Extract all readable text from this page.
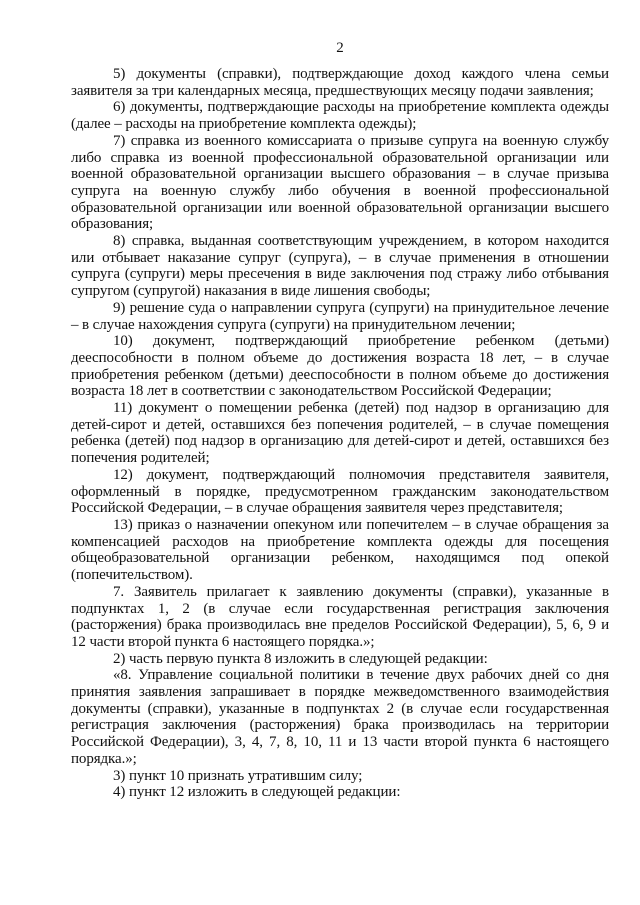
2

5) документы (справки), подтверждающие доход каждого члена семьи заявителя за три календарных месяца, предшествующих месяцу подачи заявления;

6) документы, подтверждающие расходы на приобретение комплекта одежды (далее – расходы на приобретение комплекта одежды);

7) справка из военного комиссариата о призыве супруга на военную службу либо справка из военной профессиональной образовательной организации или военной образовательной организации высшего образования – в случае призыва супруга на военную службу либо обучения в военной профессиональной образовательной организации или военной образовательной организации высшего образования;

8) справка, выданная соответствующим учреждением, в котором находится или отбывает наказание супруг (супруга), – в случае применения в отношении супруга (супруги) меры пресечения в виде заключения под стражу либо отбывания супругом (супругой) наказания в виде лишения свободы;

9) решение суда о направлении супруга (супруги) на принудительное лечение – в случае нахождения супруга (супруги) на принудительном лечении;

10) документ, подтверждающий приобретение ребенком (детьми) дееспособности в полном объеме до достижения возраста 18 лет, – в случае приобретения ребенком (детьми) дееспособности в полном объеме до достижения возраста 18 лет в соответствии с законодательством Российской Федерации;

11) документ о помещении ребенка (детей) под надзор в организацию для детей-сирот и детей, оставшихся без попечения родителей, – в случае помещения ребенка (детей) под надзор в организацию для детей-сирот и детей, оставшихся без попечения родителей;

12) документ, подтверждающий полномочия представителя заявителя, оформленный в порядке, предусмотренном гражданским законодательством Российской Федерации, – в случае обращения заявителя через представителя;

13) приказ о назначении опекуном или попечителем – в случае обращения за компенсацией расходов на приобретение комплекта одежды для посещения общеобразовательной организации ребенком, находящимся под опекой (попечительством).

7. Заявитель прилагает к заявлению документы (справки), указанные в подпунктах 1, 2 (в случае если государственная регистрация заключения (расторжения) брака производилась вне пределов Российской Федерации), 5, 6, 9 и 12 части второй пункта 6 настоящего порядка.»;

2) часть первую пункта 8 изложить в следующей редакции:

«8. Управление социальной политики в течение двух рабочих дней со дня принятия заявления запрашивает в порядке межведомственного взаимодействия документы (справки), указанные в подпунктах 2 (в случае если государственная регистрация заключения (расторжения) брака производилась на территории Российской Федерации), 3, 4, 7, 8, 10, 11 и 13 части второй пункта 6 настоящего порядка.»;

3) пункт 10 признать утратившим силу;

4) пункт 12 изложить в следующей редакции:
